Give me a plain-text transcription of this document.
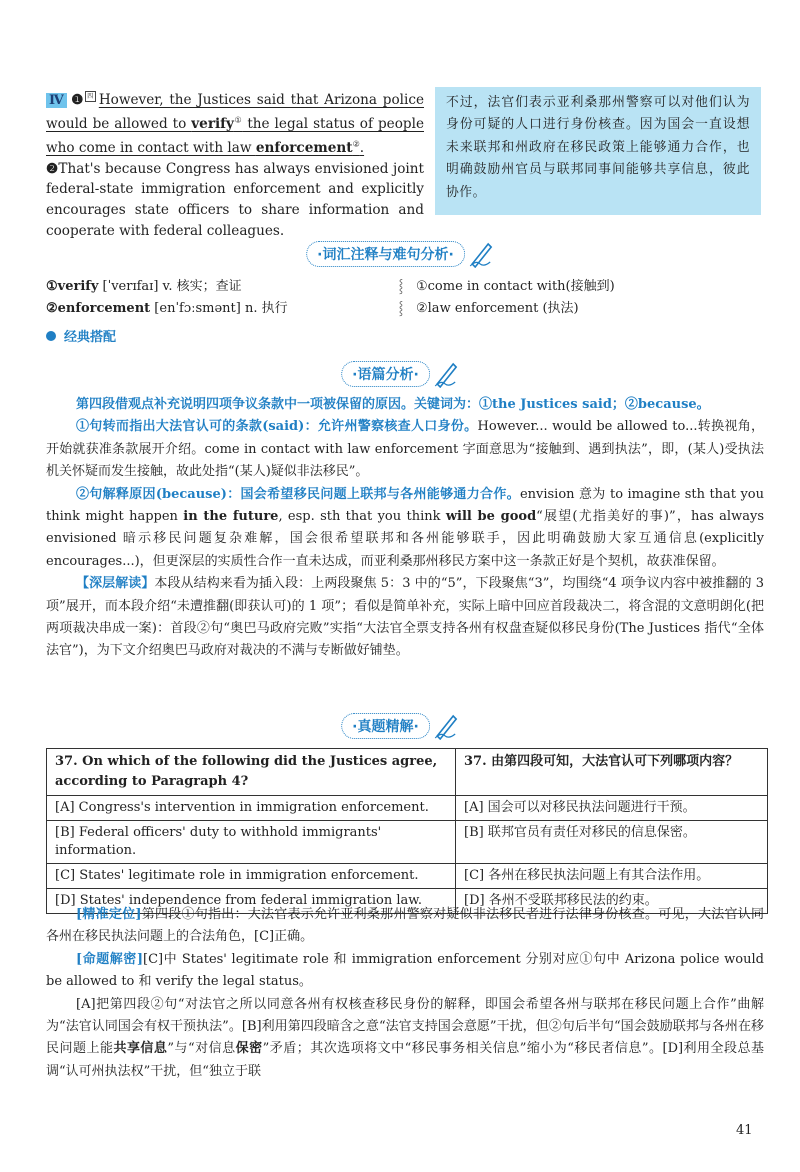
Ⅳ ❶ 四 However, the Justices said that Arizona police would be allowed to verify① the legal status of people who come in contact with law enforcement②.
❷That's because Congress has always envisioned joint federal-state immigration enforcement and explicitly encourages state officers to share information and cooperate with federal colleagues.
不过，法官们表示亚利桑那州警察可以对他们认为身份可疑的人口进行身份核查。因为国会一直设想未来联邦和州政府在移民政策上能够通力合作，也明确鼓励州官员与联邦同事间能够共享信息，彼此协作。
·词汇注释与难句分析·
①verify [ˈverɪfaɪ] v. 核实；查证	⸾ ①come in contact with(接触到)
②enforcement [enˈfɔːsmənt] n. 执行	⸾ ②law enforcement (执法)
经典搭配
·语篇分析·

第四段借观点补充说明四项争议条款中一项被保留的原因。关键词为：①the Justices said；②because。

①句转而指出大法官认可的条款(said)：允许州警察核查人口身份。However... would be allowed to...转换视角，开始就获准条款展开介绍。come in contact with law enforcement 字面意思为“接触到、遇到执法”，即，(某人)受执法机关怀疑而发生接触，故此处指“(某人)疑似非法移民”。

②句解释原因(because)：国会希望移民问题上联邦与各州能够通力合作。envision 意为 to imagine sth that you think might happen in the future, esp. sth that you think will be good“展望(尤指美好的事)”，has always envisioned 暗示移民问题复杂难解，国会很希望联邦和各州能够联手，因此明确鼓励大家互通信息(explicitly encourages...)，但更深层的实质性合作一直未达成，而亚利桑那州移民方案中这一条款正好是个契机，故获准保留。

【深层解读】本段从结构来看为插入段：上两段聚焦 5：3 中的“5”，下段聚焦“3”，均围绕“4 项争议内容中被推翻的 3 项”展开，而本段介绍“未遭推翻(即获认可)的 1 项”；看似是简单补充，实际上暗中回应首段裁决二，将含混的文意明朗化(把两项裁决串成一案)：首段②句“奥巴马政府完败”实指“大法官全票支持各州有权盘查疑似移民身份(The Justices 指代“全体法官”)，为下文介绍奥巴马政府对裁决的不满与专断做好铺垫。

·真题精解·
37. On which of the following did the Justices agree, according to Paragraph 4?	37. 由第四段可知，大法官认可下列哪项内容？
[A] Congress's intervention in immigration enforcement.	[A] 国会可以对移民执法问题进行干预。
[B] Federal officers' duty to withhold immigrants' information.	[B] 联邦官员有责任对移民的信息保密。
[C] States' legitimate role in immigration enforcement.	[C] 各州在移民执法问题上有其合法作用。
[D] States' independence from federal immigration law.	[D] 各州不受联邦移民法的约束。

[精准定位]第四段①句指出：大法官表示允许亚利桑那州警察对疑似非法移民者进行法律身份核查。可见，大法官认同各州在移民执法问题上的合法角色，[C]正确。

[命题解密][C]中 States' legitimate role 和 immigration enforcement 分别对应①句中 Arizona police would be allowed to 和 verify the legal status。

[A]把第四段②句“对法官之所以同意各州有权核查移民身份的解释，即国会希望各州与联邦在移民问题上合作”曲解为“法官认同国会有权干预执法”。[B]利用第四段暗含之意“法官支持国会意愿”干扰，但②句后半句“国会鼓励联邦与各州在移民问题上能共享信息”与“对信息保密”矛盾；其次选项将文中“移民事务相关信息”缩小为“移民者信息”。[D]利用全段总基调“认可州执法权”干扰，但“独立于联

41
